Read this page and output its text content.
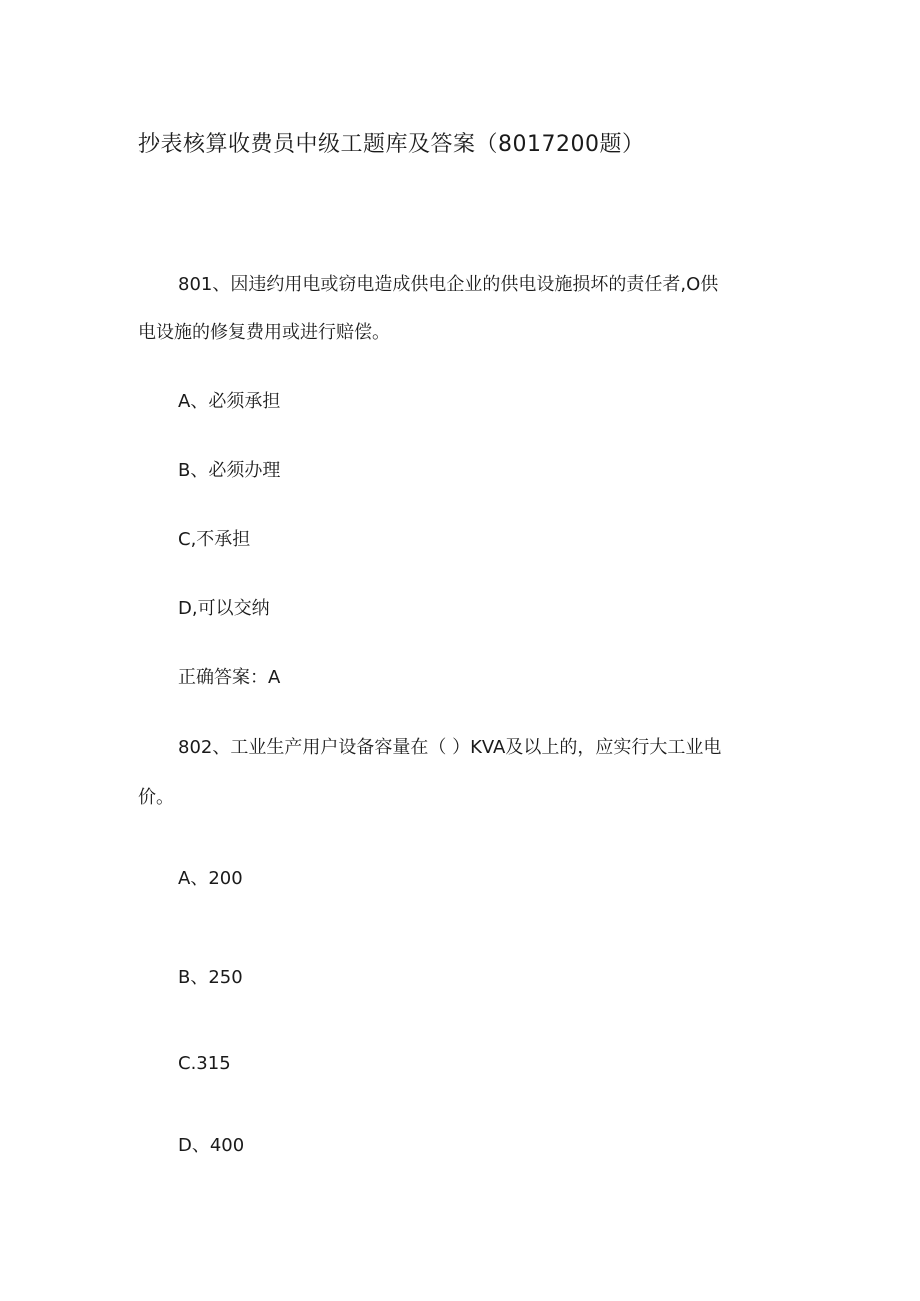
抄表核算收费员中级工题库及答案（8017200题）
801、因违约用电或窃电造成供电企业的供电设施损坏的责任者,O供
电设施的修复费用或进行赔偿。
A、必须承担
B、必须办理
C,不承担
D,可以交纳
正确答案：A
802、工业生产用户设备容量在（ ）KVA及以上的，应实行大工业电
价。
A、200
B、250
C.315
D、400
